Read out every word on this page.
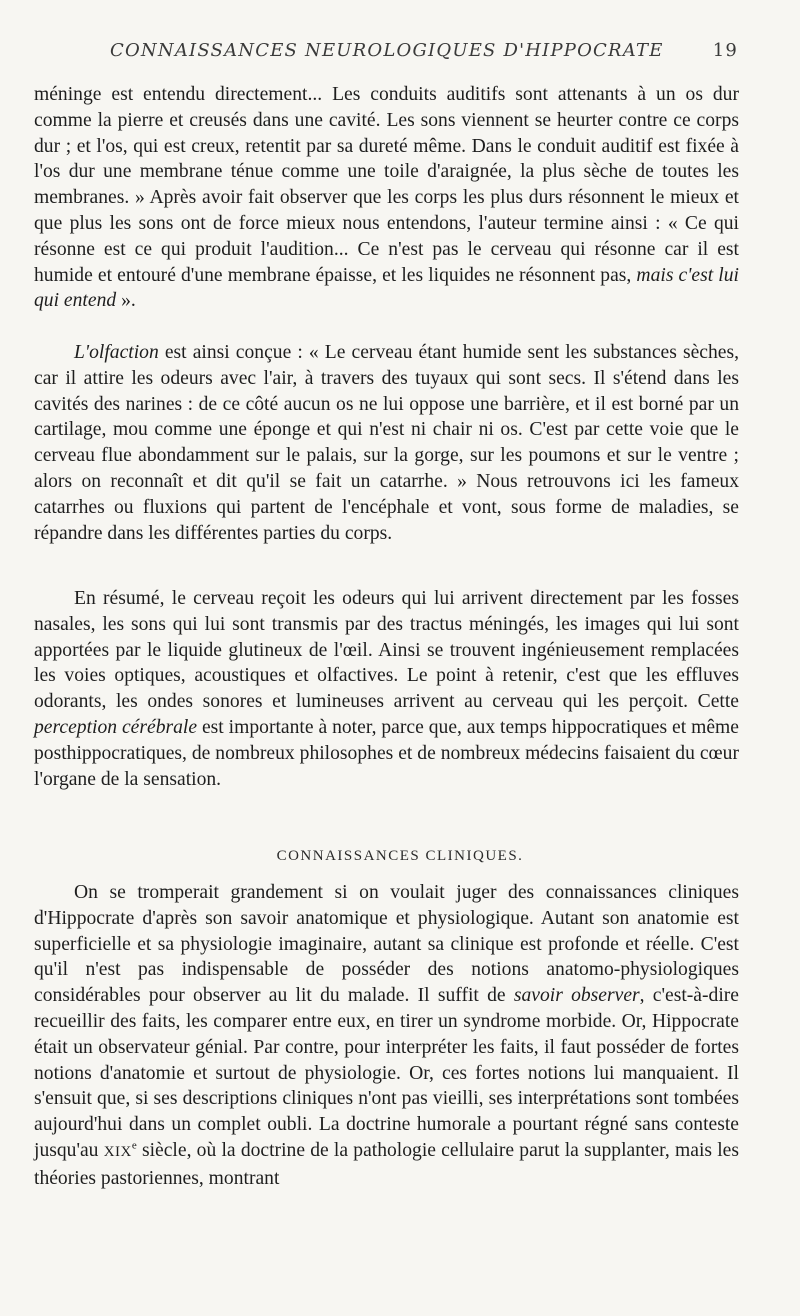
CONNAISSANCES NEUROLOGIQUES D'HIPPOCRATE	19

méninge est entendu directement... Les conduits auditifs sont attenants à un os dur comme la pierre et creusés dans une cavité. Les sons viennent se heurter contre ce corps dur ; et l'os, qui est creux, retentit par sa dureté même. Dans le conduit auditif est fixée à l'os dur une membrane ténue comme une toile d'araignée, la plus sèche de toutes les membranes. » Après avoir fait observer que les corps les plus durs résonnent le mieux et que plus les sons ont de force mieux nous entendons, l'auteur termine ainsi : « Ce qui résonne est ce qui produit l'audition... Ce n'est pas le cerveau qui résonne car il est humide et entouré d'une membrane épaisse, et les liquides ne résonnent pas, mais c'est lui qui entend ».

L'olfaction est ainsi conçue : « Le cerveau étant humide sent les substances sèches, car il attire les odeurs avec l'air, à travers des tuyaux qui sont secs. Il s'étend dans les cavités des narines : de ce côté aucun os ne lui oppose une barrière, et il est borné par un cartilage, mou comme une éponge et qui n'est ni chair ni os. C'est par cette voie que le cerveau flue abondamment sur le palais, sur la gorge, sur les poumons et sur le ventre ; alors on reconnaît et dit qu'il se fait un catarrhe. » Nous retrouvons ici les fameux catarrhes ou fluxions qui partent de l'encéphale et vont, sous forme de maladies, se répandre dans les différentes parties du corps.

En résumé, le cerveau reçoit les odeurs qui lui arrivent directement par les fosses nasales, les sons qui lui sont transmis par des tractus méningés, les images qui lui sont apportées par le liquide glutineux de l'œil. Ainsi se trouvent ingénieusement remplacées les voies optiques, acoustiques et olfactives. Le point à retenir, c'est que les effluves odorants, les ondes sonores et lumineuses arrivent au cerveau qui les perçoit. Cette perception cérébrale est importante à noter, parce que, aux temps hippocratiques et même posthippocratiques, de nombreux philosophes et de nombreux médecins faisaient du cœur l'organe de la sensation.

CONNAISSANCES CLINIQUES.

On se tromperait grandement si on voulait juger des connaissances cliniques d'Hippocrate d'après son savoir anatomique et physiologique. Autant son anatomie est superficielle et sa physiologie imaginaire, autant sa clinique est profonde et réelle. C'est qu'il n'est pas indispensable de posséder des notions anatomo-physiologiques considérables pour observer au lit du malade. Il suffit de savoir observer, c'est-à-dire recueillir des faits, les comparer entre eux, en tirer un syndrome morbide. Or, Hippocrate était un observateur génial. Par contre, pour interpréter les faits, il faut posséder de fortes notions d'anatomie et surtout de physiologie. Or, ces fortes notions lui manquaient. Il s'ensuit que, si ses descriptions cliniques n'ont pas vieilli, ses interprétations sont tombées aujourd'hui dans un complet oubli. La doctrine humorale a pourtant régné sans conteste jusqu'au XIXe siècle, où la doctrine de la pathologie cellulaire parut la supplanter, mais les théories pastoriennes, montrant
